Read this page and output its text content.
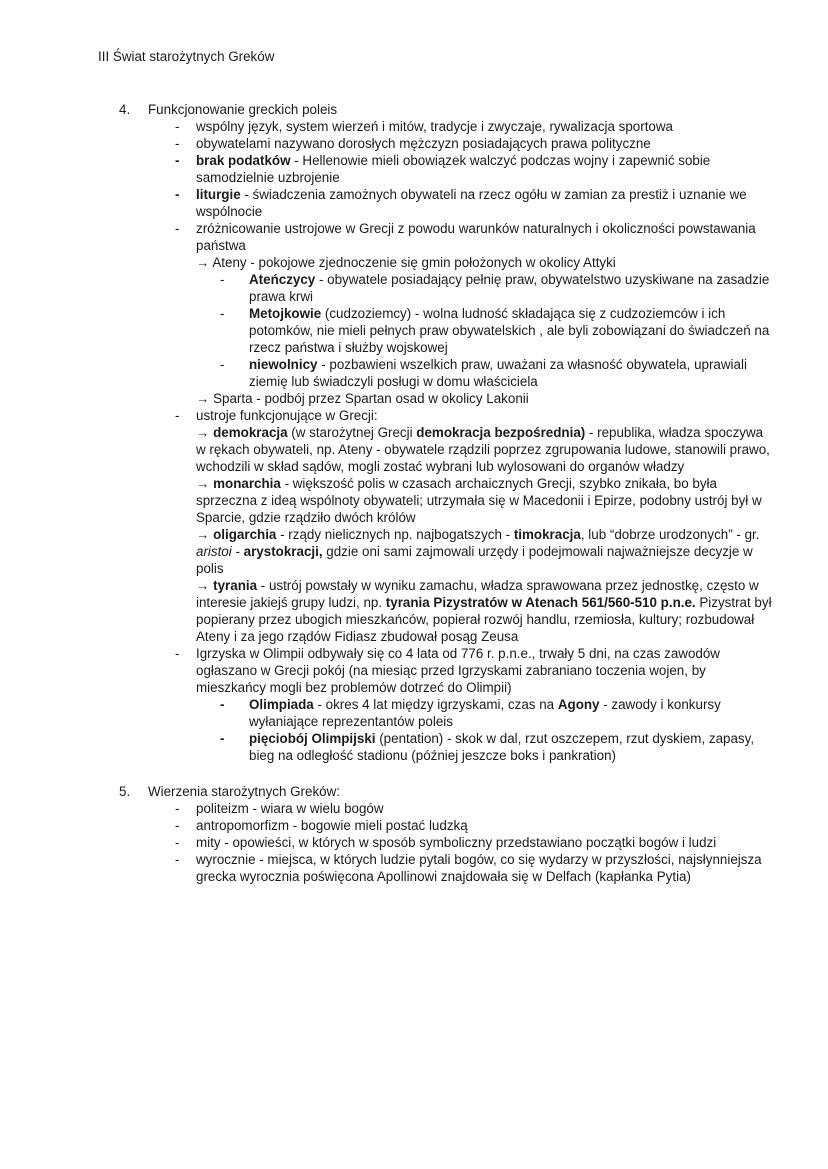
III Świat starożytnych Greków
4.	Funkcjonowanie greckich poleis
-	wspólny język, system wierzeń i mitów, tradycje i zwyczaje, rywalizacja sportowa
-	obywatelami nazywano dorosłych mężczyzn posiadających prawa polityczne
-	brak podatków - Hellenowie mieli obowiązek walczyć podczas wojny i zapewnić sobie samodzielnie uzbrojenie
-	liturgie - świadczenia zamożnych obywateli na rzecz ogółu w zamian za prestiż i uznanie we wspólnocie
-	zróżnicowanie ustrojowe w Grecji z powodu warunków naturalnych i okoliczności powstawania państwa
→ Ateny - pokojowe zjednoczenie się gmin położonych w okolicy Attyki
-	Ateńczycy - obywatele posiadający pełnię praw, obywatelstwo uzyskiwane na zasadzie prawa krwi
-	Metojkowie (cudzoziemcy) - wolna ludność składająca się z cudzoziemców i ich potomków, nie mieli pełnych praw obywatelskich , ale byli zobowiązani do świadczeń na rzecz państwa i służby wojskowej
-	niewolnicy - pozbawieni wszelkich praw, uważani za własność obywatela, uprawiali ziemię lub świadczyli posługi w domu właściciela
→ Sparta - podbój przez Spartan osad w okolicy Lakonii
-	ustroje funkcjonujące w Grecji:
→ demokracja (w starożytnej Grecji demokracja bezpośrednia) - republika, władza spoczywa w rękach obywateli, np. Ateny - obywatele rządzili poprzez zgrupowania ludowe, stanowili prawo, wchodzili w skład sądów, mogli zostać wybrani lub wylosowani do organów władzy
→ monarchia - większość polis w czasach archaicznych Grecji, szybko znikała, bo była sprzeczna z ideą wspólnoty obywateli; utrzymała się w Macedonii i Epirze, podobny ustrój był w Sparcie, gdzie rządziło dwóch królów
→ oligarchia - rządy nielicznych np. najbogatszych - timokracja, lub “dobrze urodzonych” - gr. aristoi - arystokracji, gdzie oni sami zajmowali urzędy i podejmowali najważniejsze decyzje w polis
→ tyrania - ustrój powstały w wyniku zamachu, władza sprawowana przez jednostkę, często w interesie jakiejś grupy ludzi, np. tyrania Pizystratów w Atenach 561/560-510 p.n.e. Pizystrat był popierany przez ubogich mieszkańców, popierał rozwój handlu, rzemiosła, kultury; rozbudował Ateny i za jego rządów Fidiasz zbudował posąg Zeusa
-	Igrzyska w Olimpii odbywały się co 4 lata od 776 r. p.n.e., trwały 5 dni, na czas zawodów ogłaszano w Grecji pokój (na miesiąc przed Igrzyskami zabraniano toczenia wojen, by mieszkańcy mogli bez problemów dotrzeć do Olimpii)
-	Olimpiada - okres 4 lat między igrzyskami, czas na Agony - zawody i konkursy wyłaniające reprezentantów poleis
-	pięciobój Olimpijski (pentation) - skok w dal, rzut oszczepem, rzut dyskiem, zapasy, bieg na odległość stadionu (później jeszcze boks i pankration)
5.	Wierzenia starożytnych Greków:
-	politeizm - wiara w wielu bogów
-	antropomorfizm - bogowie mieli postać ludzką
-	mity - opowieści, w których w sposób symboliczny przedstawiano początki bogów i ludzi
-	wyrocznie - miejsca, w których ludzie pytali bogów, co się wydarzy w przyszłości, najsłynniejsza grecka wyrocznia poświęcona Apollinowi znajdowała się w Delfach (kapłanka Pytia)
